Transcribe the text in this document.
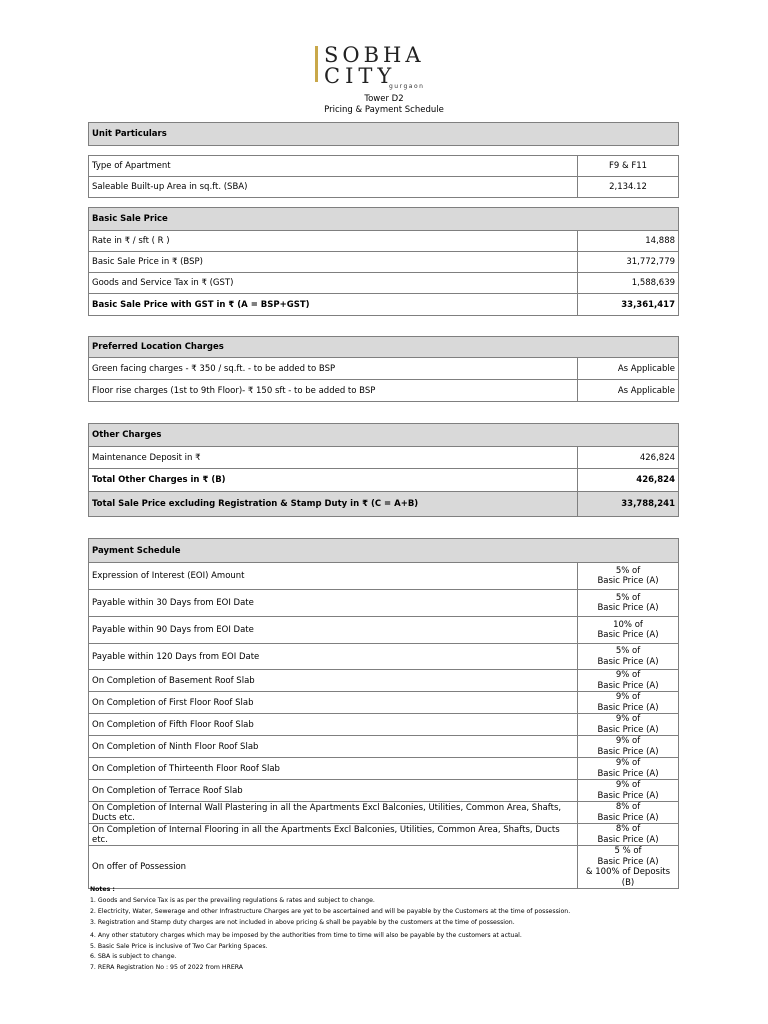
SOBHA
CITY
gurgaon
Tower D2
Pricing & Payment Schedule
Unit Particulars	

Type of Apartment	F9 & F11
Saleable Built-up Area in sq.ft. (SBA)	2,134.12
Basic Sale Price	
Rate in ₹ / sft ( R )	14,888
Basic Sale Price in ₹ (BSP)	31,772,779
Goods and Service Tax in ₹ (GST)	1,588,639
Basic Sale Price with GST in ₹ (A = BSP+GST)	33,361,417
Preferred Location Charges	
Green facing charges - ₹ 350 / sq.ft. - to be added to BSP	As Applicable
Floor rise charges (1st to 9th Floor)- ₹ 150 sft - to be added to BSP	As Applicable
Other Charges	
Maintenance Deposit in ₹	426,824
Total Other Charges in ₹ (B)	426,824
Total Sale Price excluding Registration & Stamp Duty in ₹ (C = A+B)	33,788,241
Payment Schedule	
Expression of Interest (EOI) Amount	5% of
Basic Price (A)

Payable within 30 Days from EOI Date	5% of
Basic Price (A)

Payable within 90 Days from EOI Date	10% of
Basic Price (A)

Payable within 120 Days from EOI Date	5% of
Basic Price (A)

On Completion of Basement Roof Slab	9% of
Basic Price (A)

On Completion of First Floor Roof Slab	9% of
Basic Price (A)

On Completion of Fifth Floor Roof Slab	9% of
Basic Price (A)

On Completion of Ninth Floor Roof Slab	9% of
Basic Price (A)

On Completion of Thirteenth Floor Roof Slab	9% of
Basic Price (A)

On Completion of Terrace Roof Slab	9% of
Basic Price (A)

On Completion of Internal Wall Plastering in all the Apartments Excl Balconies, Utilities, Common Area, Shafts, Ducts etc.	8% of
Basic Price (A)

On Completion of Internal Flooring in all the Apartments Excl Balconies, Utilities, Common Area, Shafts, Ducts etc.	8% of
Basic Price (A)

On offer of Possession	5 % of
Basic Price (A)
& 100% of Deposits (B)
Notes :
1. Goods and Service Tax is as per the prevailing regulations & rates and subject to change.
2. Electricity, Water, Sewerage and other Infrastructure Charges are yet to be ascertained and will be payable by the Customers at the time of possession.
3. Registration and Stamp duty charges are not included in above pricing & shall be payable by the customers at the time of possession.
4. Any other statutory charges which may be imposed by the authorities from time to time will also be payable by the customers at actual.
5. Basic Sale Price is inclusive of Two Car Parking Spaces.
6. SBA is subject to change.
7. RERA Registration No : 95 of 2022 from HRERA
